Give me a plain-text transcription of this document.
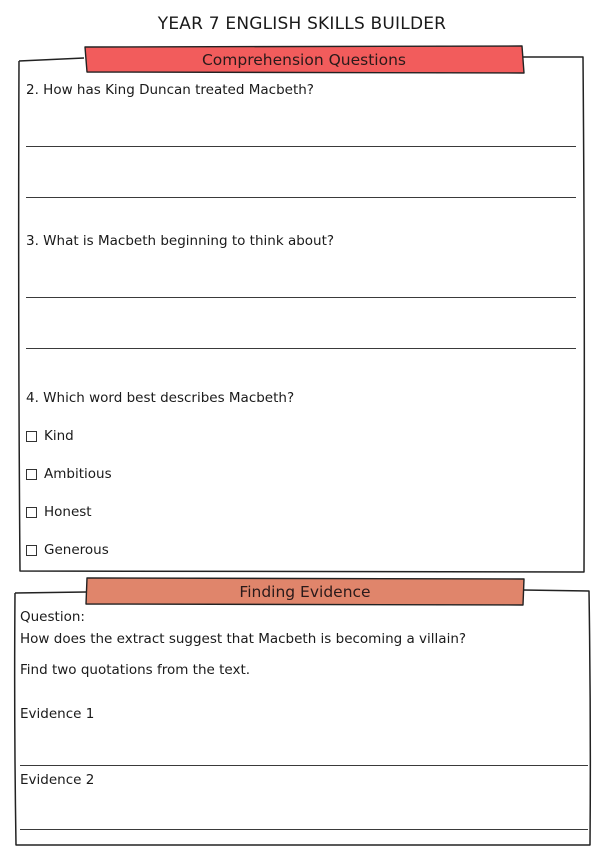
YEAR 7 ENGLISH SKILLS BUILDER
Comprehension Questions
2. How has King Duncan treated Macbeth?
3. What is Macbeth beginning to think about?
4. Which word best describes Macbeth?
Kind
Ambitious
Honest
Generous
Finding Evidence
Question:
How does the extract suggest that Macbeth is becoming a villain?
Find two quotations from the text.
Evidence 1
Evidence 2
